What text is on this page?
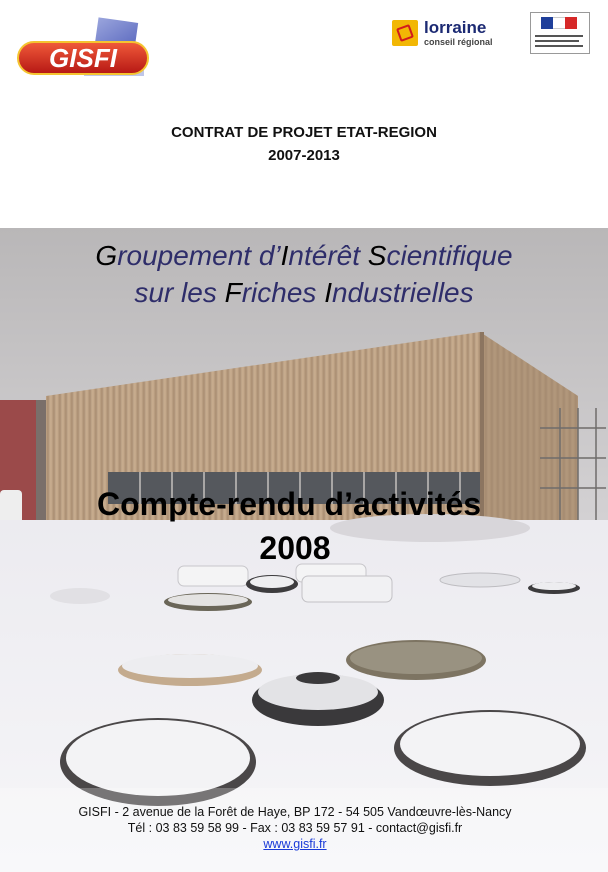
GISFI
lorraine
conseil régional
CONTRAT DE PROJET ETAT-REGION
2007-2013
Groupement d’Intérêt Scientifique
sur les Friches Industrielles
Compte-rendu d’activités
2008
GISFI - 2 avenue de la Forêt de Haye, BP 172 - 54 505 Vandœuvre-lès-Nancy
Tél : 03 83 59 58 99 - Fax : 03 83 59 57 91 - contact@gisfi.fr
www.gisfi.fr
